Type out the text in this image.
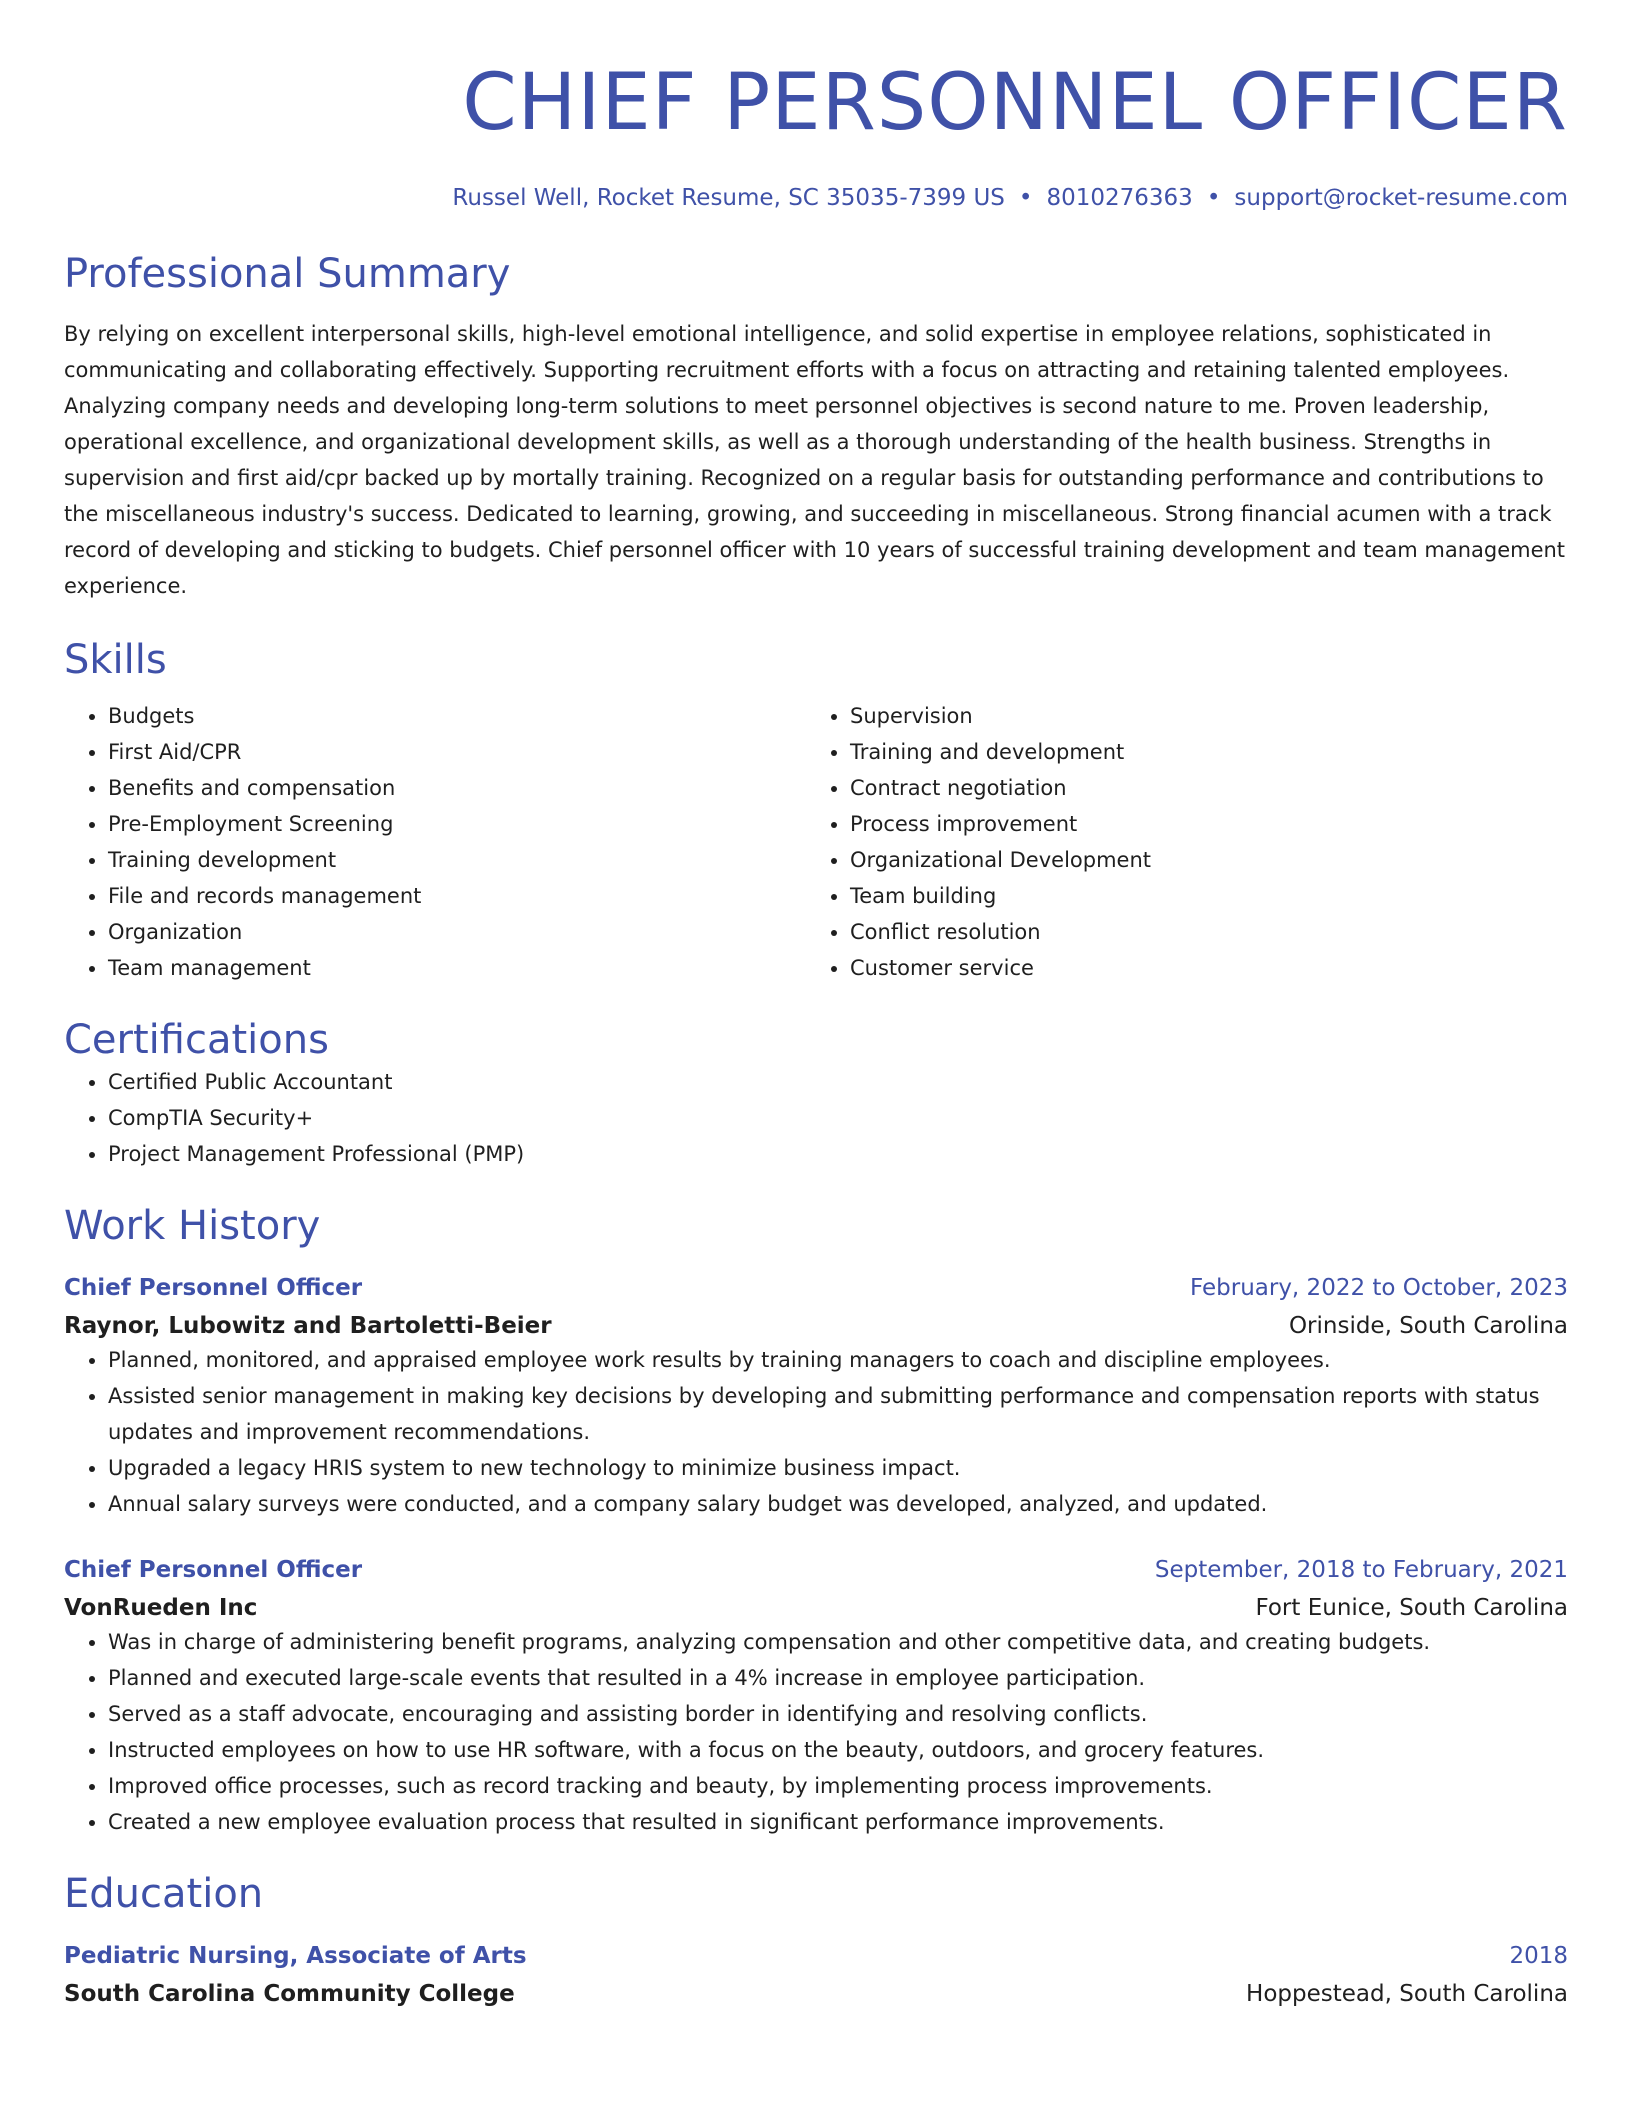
CHIEF PERSONNEL OFFICER
Russel Well, Rocket Resume, SC 35035-7399 US • 8010276363 • support@rocket-resume.com
Professional Summary

By relying on excellent interpersonal skills, high-level emotional intelligence, and solid expertise in employee relations, sophisticated in communicating and collaborating effectively. Supporting recruitment efforts with a focus on attracting and retaining talented employees. Analyzing company needs and developing long-term solutions to meet personnel objectives is second nature to me. Proven leadership, operational excellence, and organizational development skills, as well as a thorough understanding of the health business. Strengths in supervision and first aid/cpr backed up by mortally training. Recognized on a regular basis for outstanding performance and contributions to the miscellaneous industry's success. Dedicated to learning, growing, and succeeding in miscellaneous. Strong financial acumen with a track record of developing and sticking to budgets. Chief personnel officer with 10 years of successful training development and team management experience.

Skills
• Budgets
• First Aid/CPR
• Benefits and compensation
• Pre-Employment Screening
• Training development
• File and records management
• Organization
• Team management
• Supervision
• Training and development
• Contract negotiation
• Process improvement
• Organizational Development
• Team building
• Conflict resolution
• Customer service
Certifications
• Certified Public Accountant
• CompTIA Security+
• Project Management Professional (PMP)
Work History
Chief Personnel Officer	February, 2022 to October, 2023
Raynor, Lubowitz and Bartoletti-Beier	Orinside, South Carolina
• Planned, monitored, and appraised employee work results by training managers to coach and discipline employees.
• Assisted senior management in making key decisions by developing and submitting performance and compensation reports with status updates and improvement recommendations.
• Upgraded a legacy HRIS system to new technology to minimize business impact.
• Annual salary surveys were conducted, and a company salary budget was developed, analyzed, and updated.
Chief Personnel Officer	September, 2018 to February, 2021
VonRueden Inc	Fort Eunice, South Carolina
• Was in charge of administering benefit programs, analyzing compensation and other competitive data, and creating budgets.
• Planned and executed large-scale events that resulted in a 4% increase in employee participation.
• Served as a staff advocate, encouraging and assisting border in identifying and resolving conflicts.
• Instructed employees on how to use HR software, with a focus on the beauty, outdoors, and grocery features.
• Improved office processes, such as record tracking and beauty, by implementing process improvements.
• Created a new employee evaluation process that resulted in significant performance improvements.
Education
Pediatric Nursing, Associate of Arts	2018
South Carolina Community College	Hoppestead, South Carolina
